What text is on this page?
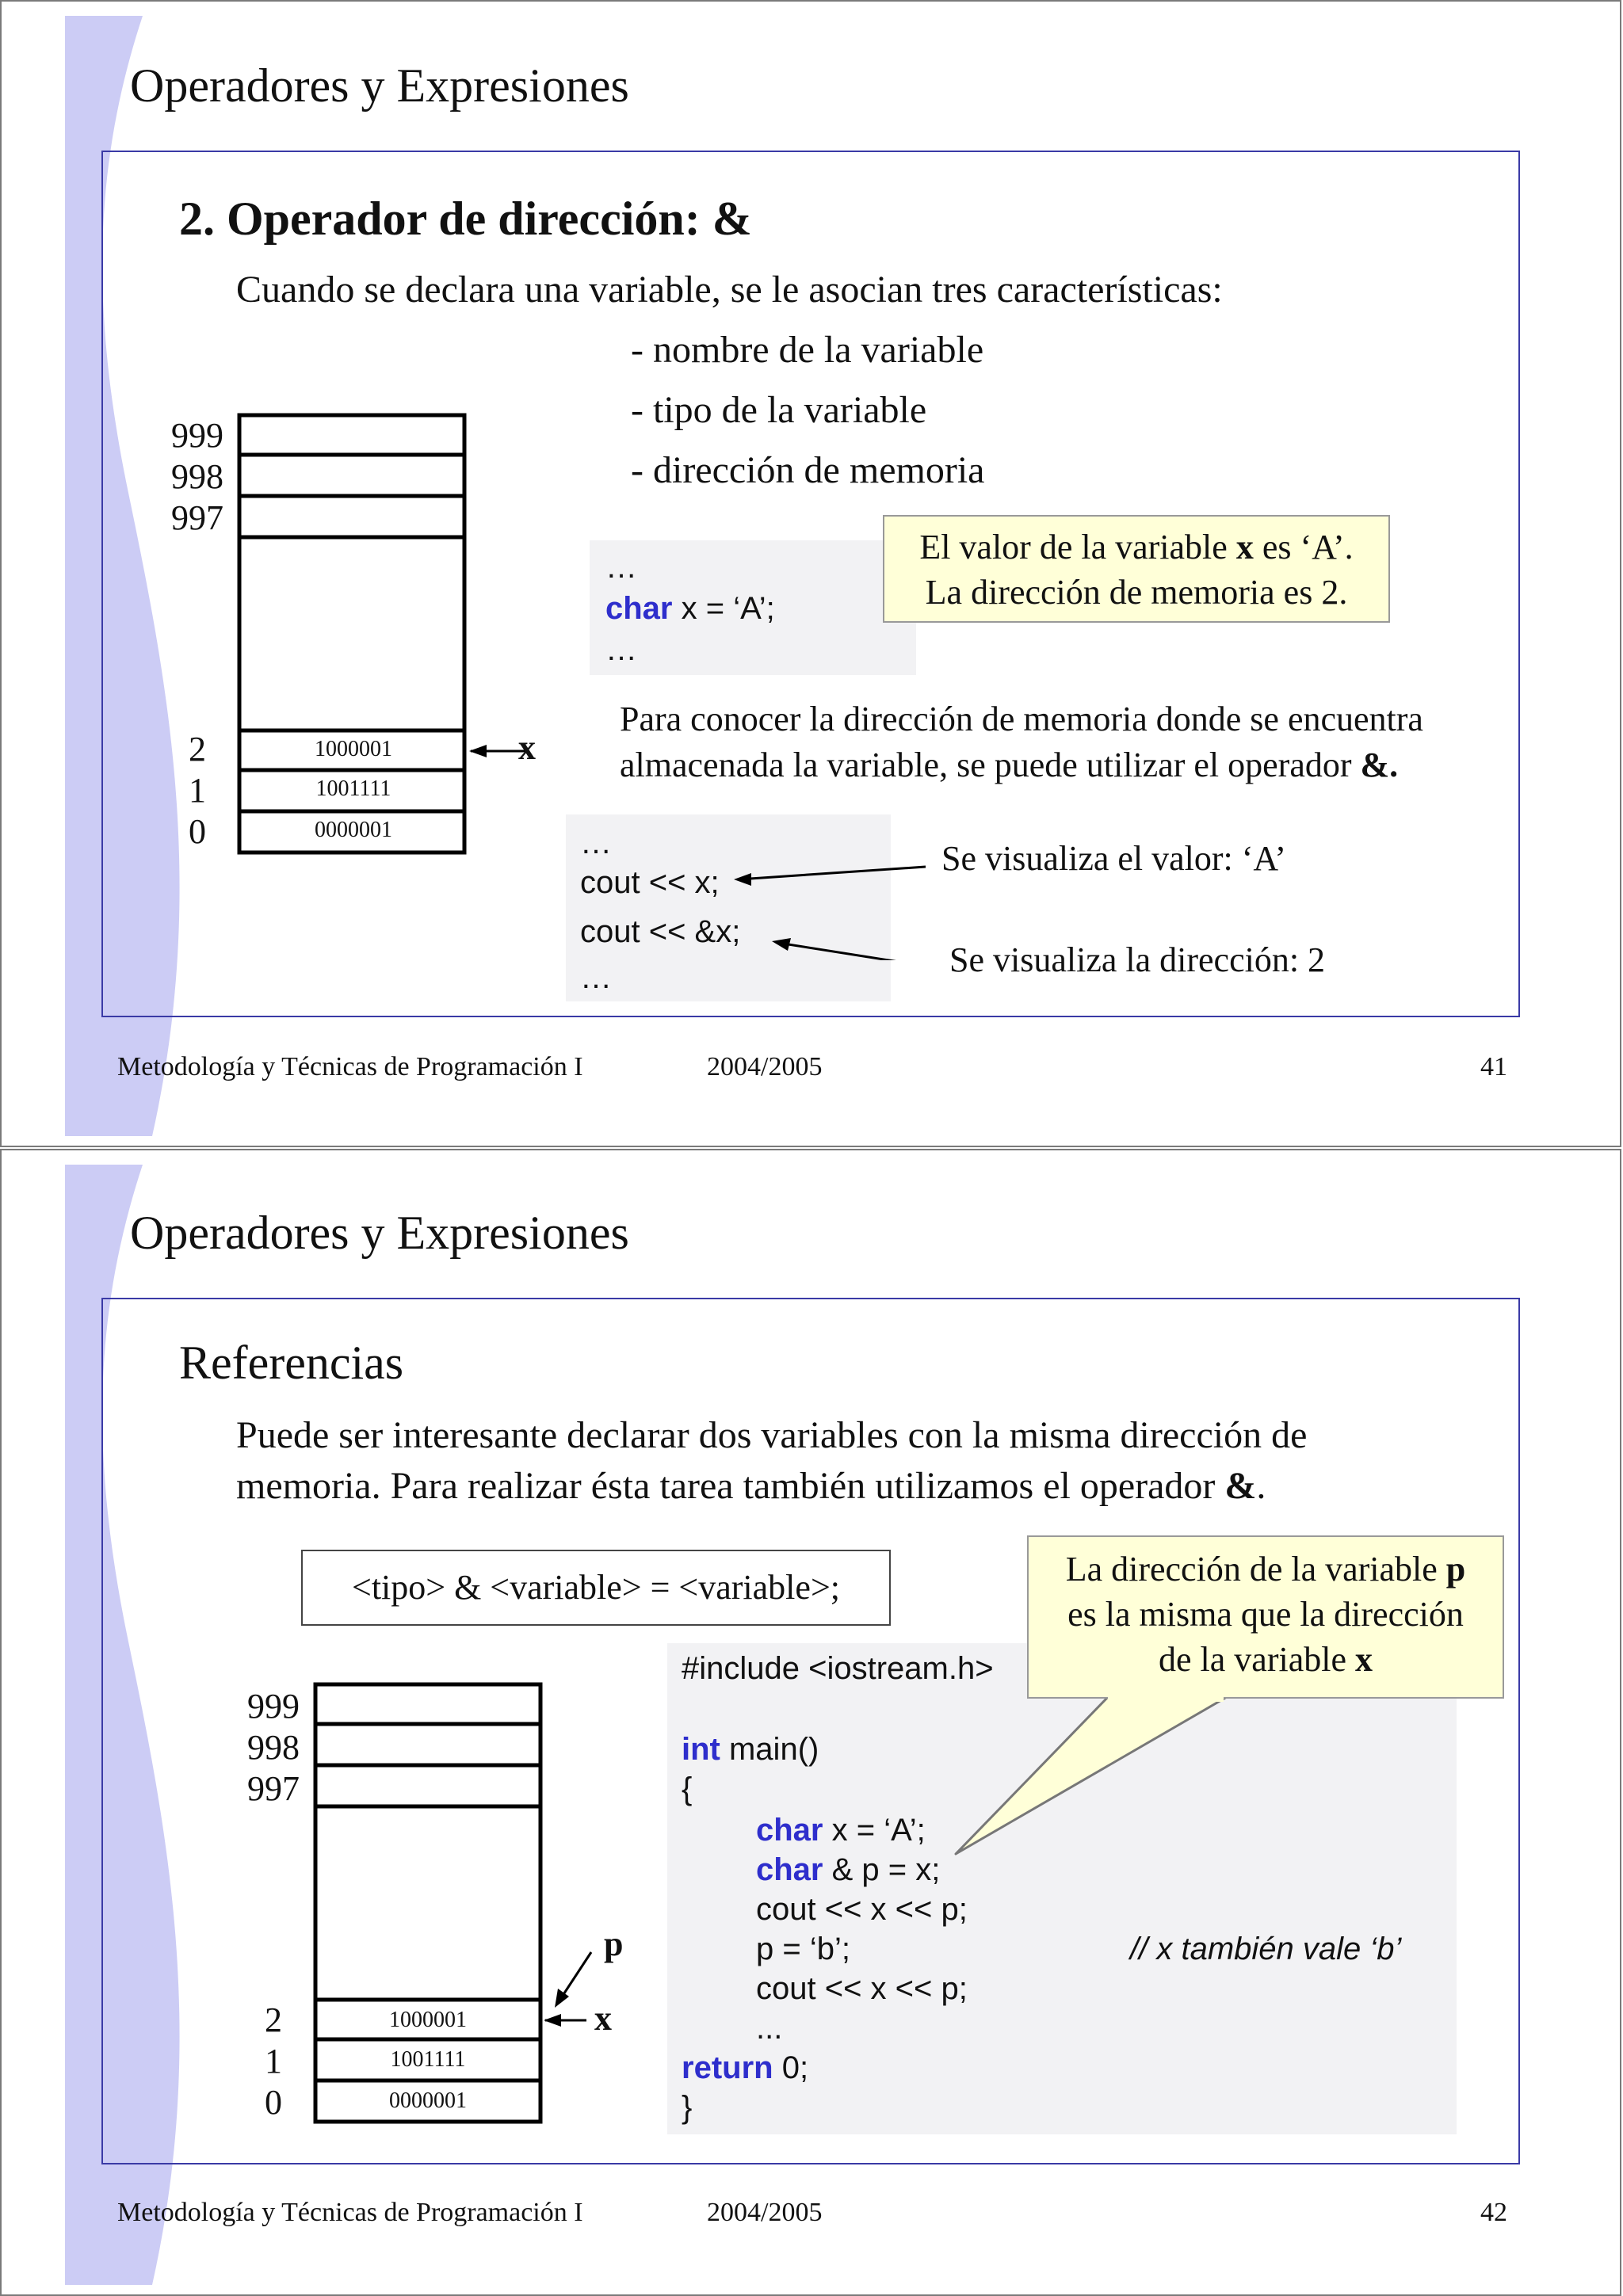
Operadores y Expresiones
2. Operador de dirección: &
Cuando se declara una variable, se le asocian tres características:
- nombre de la variable
- tipo de la variable
- dirección de memoria
999
998
997
2
1
0
1000001
1001111
0000001
x
…
char x = ‘A’;
…
El valor de la variable x es ‘A’.
La dirección de memoria es 2.
Para conocer la dirección de memoria donde se encuentra
almacenada la variable, se puede utilizar el operador &.
…
cout << x;
cout << &x;
…
Se visualiza el valor: ‘A’
Se visualiza la dirección: 2
Metodología y Técnicas de Programación I	2004/2005	41
Operadores y Expresiones
Referencias
Puede ser interesante declarar dos variables con la misma dirección de
memoria. Para realizar ésta tarea también utilizamos el operador &.
<tipo> & <variable> = <variable>;
999
998
997
2
1
0
1000001
1001111
0000001
p
x
#include <iostream.h>
int main()
{
char x = ‘A’;
char & p = x;
cout << x << p;
p = ‘b’;	// x también vale ‘b’
cout << x << p;
...
return 0;
}
La dirección de la variable p
es la misma que la dirección
de la variable x
Metodología y Técnicas de Programación I	2004/2005	42
